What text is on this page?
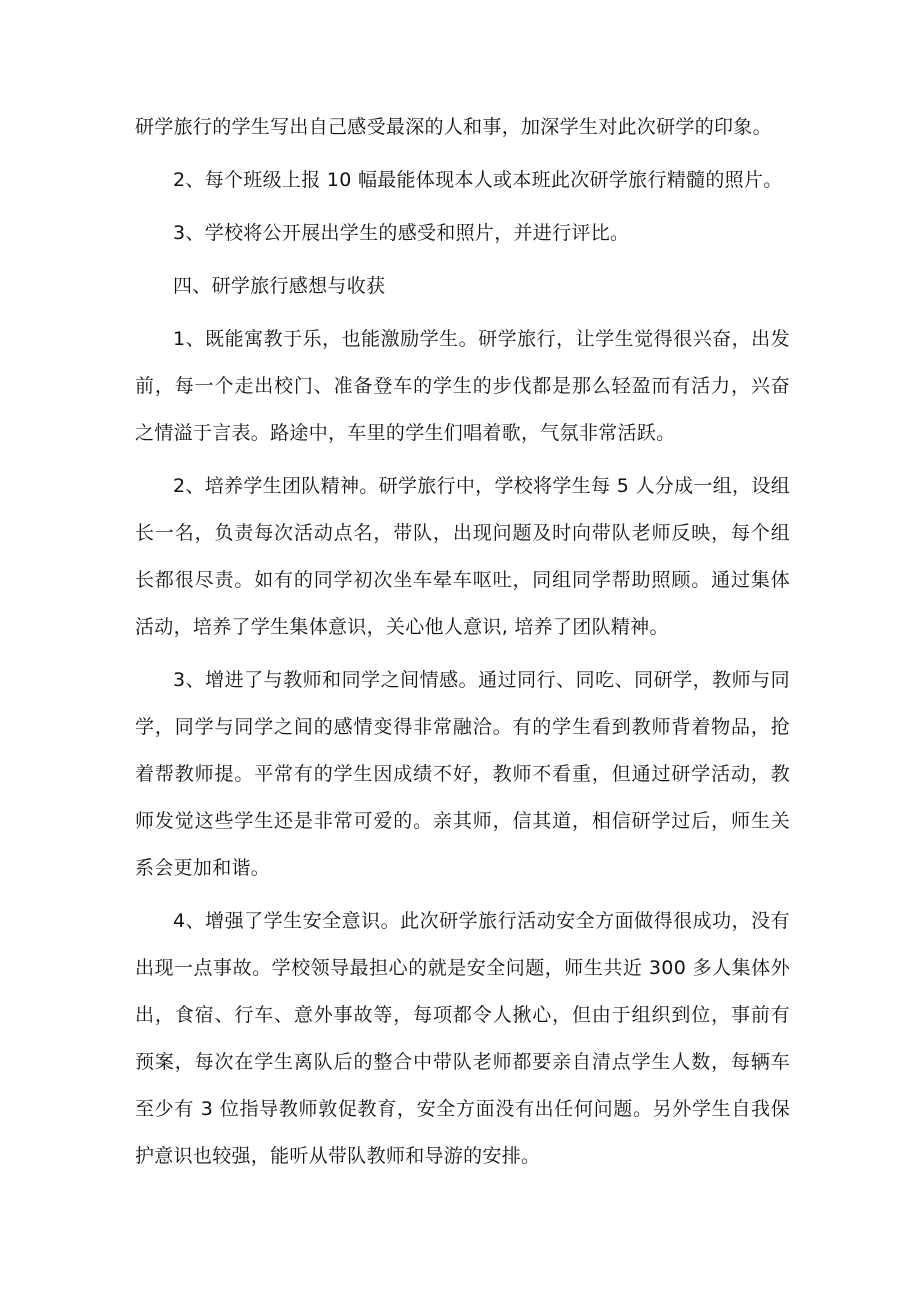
研学旅行的学生写出自己感受最深的人和事，加深学生对此次研学的印象。

2、每个班级上报 10 幅最能体现本人或本班此次研学旅行精髓的照片。

3、学校将公开展出学生的感受和照片，并进行评比。

四、研学旅行感想与收获

1、既能寓教于乐，也能激励学生。研学旅行，让学生觉得很兴奋，出发前，每一个走出校门、准备登车的学生的步伐都是那么轻盈而有活力，兴奋之情溢于言表。路途中，车里的学生们唱着歌，气氛非常活跃。

2、培养学生团队精神。研学旅行中，学校将学生每 5 人分成一组，设组长一名，负责每次活动点名，带队，出现问题及时向带队老师反映，每个组长都很尽责。如有的同学初次坐车晕车呕吐，同组同学帮助照顾。通过集体活动，培养了学生集体意识，关心他人意识, 培养了团队精神。

3、增进了与教师和同学之间情感。通过同行、同吃、同研学，教师与同学，同学与同学之间的感情变得非常融洽。有的学生看到教师背着物品，抢着帮教师提。平常有的学生因成绩不好，教师不看重，但通过研学活动，教师发觉这些学生还是非常可爱的。亲其师，信其道，相信研学过后，师生关系会更加和谐。

4、增强了学生安全意识。此次研学旅行活动安全方面做得很成功，没有出现一点事故。学校领导最担心的就是安全问题，师生共近 300 多人集体外出，食宿、行车、意外事故等，每项都令人揪心，但由于组织到位，事前有预案，每次在学生离队后的整合中带队老师都要亲自清点学生人数，每辆车至少有 3 位指导教师敦促教育，安全方面没有出任何问题。另外学生自我保护意识也较强，能听从带队教师和导游的安排。
